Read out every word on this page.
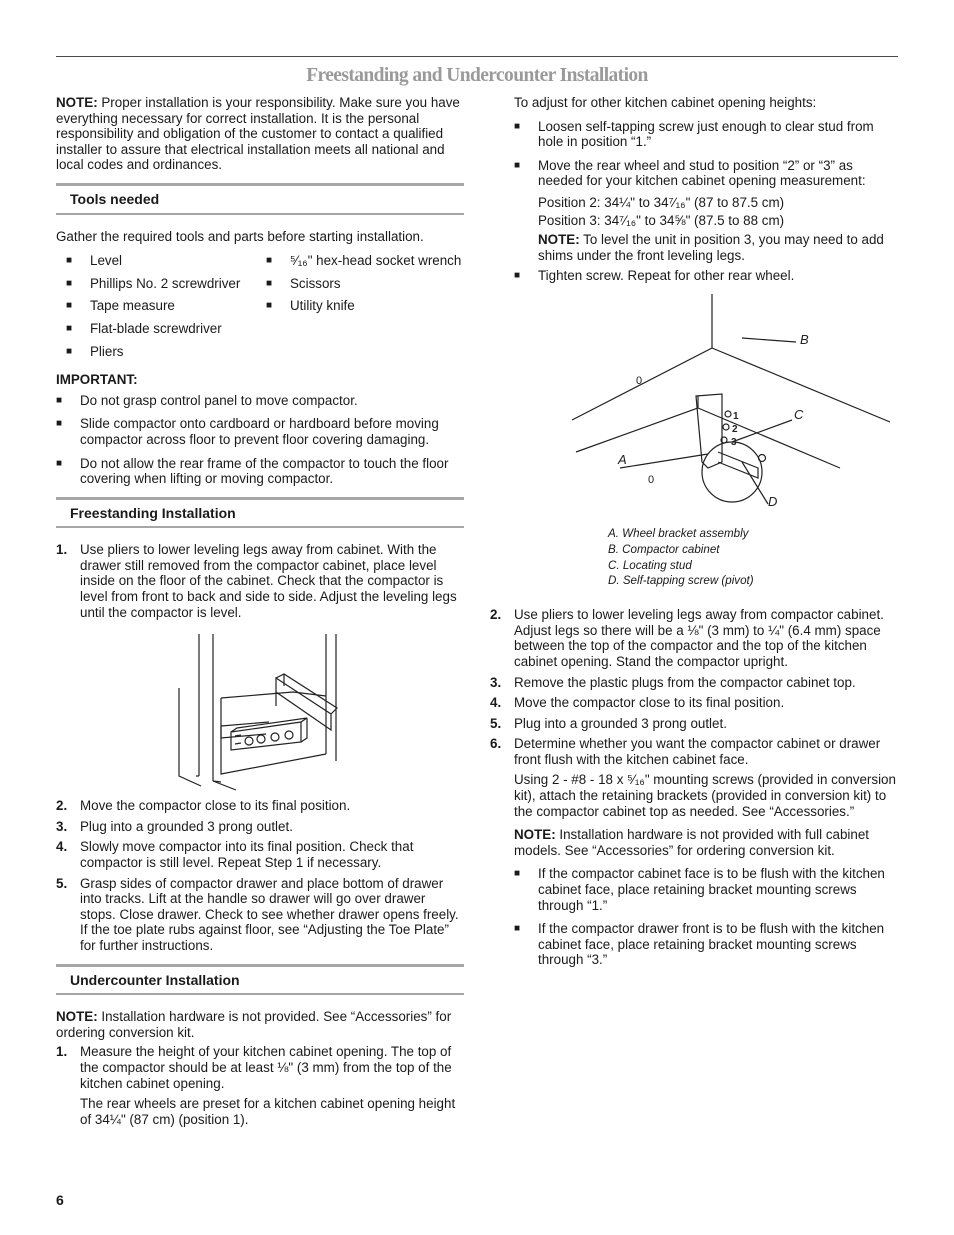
Freestanding and Undercounter Installation

NOTE: Proper installation is your responsibility. Make sure you have everything necessary for correct installation. It is the personal responsibility and obligation of the customer to contact a qualified installer to assure that electrical installation meets all national and local codes and ordinances.

Tools needed

Gather the required tools and parts before starting installation.

■ Level
■ Phillips No. 2 screwdriver
■ Tape measure
■ Flat-blade screwdriver
■ Pliers
■ ⁵⁄₁₆" hex-head socket wrench
■ Scissors
■ Utility knife

IMPORTANT:

■ Do not grasp control panel to move compactor.
■ Slide compactor onto cardboard or hardboard before moving compactor across floor to prevent floor covering damaging.
■ Do not allow the rear frame of the compactor to touch the floor covering when lifting or moving compactor.
Freestanding Installation
1. Use pliers to lower leveling legs away from cabinet. With the drawer still removed from the compactor cabinet, place level inside on the floor of the cabinet. Check that the compactor is level from front to back and side to side. Adjust the leveling legs until the compactor is level.
2. Move the compactor close to its final position.
3. Plug into a grounded 3 prong outlet.
4. Slowly move compactor into its final position. Check that compactor is still level. Repeat Step 1 if necessary.
5. Grasp sides of compactor drawer and place bottom of drawer into tracks. Lift at the handle so drawer will go over drawer stops. Close drawer. Check to see whether drawer opens freely. If the toe plate rubs against floor, see “Adjusting the Toe Plate” for further instructions.
Undercounter Installation

NOTE: Installation hardware is not provided. See “Accessories” for ordering conversion kit.

1. Measure the height of your kitchen cabinet opening. The top of the compactor should be at least ⅛" (3 mm) from the top of the kitchen cabinet opening.

The rear wheels are preset for a kitchen cabinet opening height of 34¼" (87 cm) (position 1).

To adjust for other kitchen cabinet opening heights:

■ Loosen self-tapping screw just enough to clear stud from hole in position “1.”
■ Move the rear wheel and stud to position “2” or “3” as needed for your kitchen cabinet opening measurement:

Position 2: 34¼" to 34⁷⁄₁₆" (87 to 87.5 cm)

Position 3: 34⁷⁄₁₆" to 34⅝" (87.5 to 88 cm)

NOTE: To level the unit in position 3, you may need to add shims under the front leveling legs.

■ Tighten screw. Repeat for other rear wheel.
B
C
A
D
1
2
3
0
0
A. Wheel bracket assembly
B. Compactor cabinet
C. Locating stud
D. Self-tapping screw (pivot)
2. Use pliers to lower leveling legs away from compactor cabinet. Adjust legs so there will be a ⅛" (3 mm) to ¼" (6.4 mm) space between the top of the compactor and the top of the kitchen cabinet opening. Stand the compactor upright.
3. Remove the plastic plugs from the compactor cabinet top.
4. Move the compactor close to its final position.
5. Plug into a grounded 3 prong outlet.
6. Determine whether you want the compactor cabinet or drawer front flush with the kitchen cabinet face.

Using 2 - #8 - 18 x ⁵⁄₁₆" mounting screws (provided in conversion kit), attach the retaining brackets (provided in conversion kit) to the compactor cabinet top as needed. See “Accessories.”

NOTE: Installation hardware is not provided with full cabinet models. See “Accessories” for ordering conversion kit.

■ If the compactor cabinet face is to be flush with the kitchen cabinet face, place retaining bracket mounting screws through “1.”
■ If the compactor drawer front is to be flush with the kitchen cabinet face, place retaining bracket mounting screws through “3.”
6
